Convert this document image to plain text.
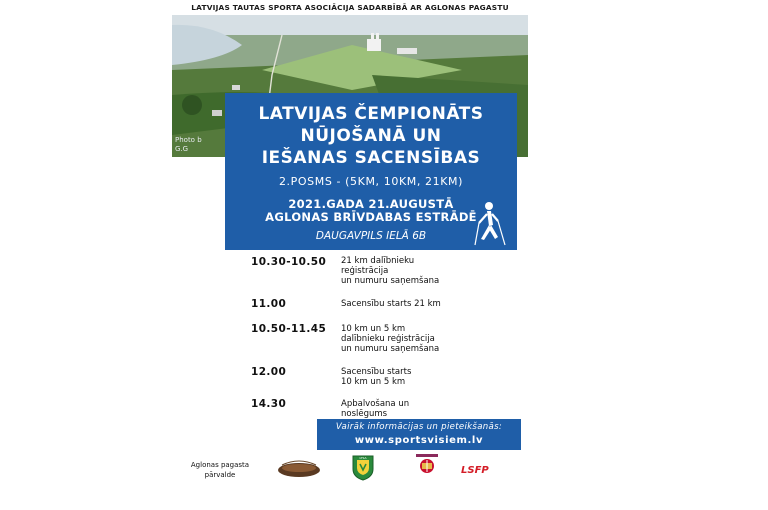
LATVIJAS TAUTAS SPORTA ASOCIĀCIJA SADARBĪBĀ AR AGLONAS PAGASTU
Photo b
G.G
LATVIJAS ČEMPIONĀTS
NŪJOŠANĀ UN
IEŠANAS SACENSĪBAS
2.POSMS - (5KM, 10KM, 21KM)
2021.GADA 21.AUGUSTĀ
AGLONAS BRĪVDABAS ESTRĀDĒ
DAUGAVPILS IELĀ 6B
10.30-10.50 21 km dalībnieku
reģistrācija
un numuru saņemšana
11.00	Sacensību starts 21 km
10.50-11.45 10 km un 5 km
dalībnieku reģistrācija
un numuru saņemšana
12.00	Sacensību starts
10 km un 5 km
14.30	Apbalvošana un
noslēgums
Vairāk informācijas un pieteikšanās:
www.sportsvisiem.lv
Aglonas pagasta
pārvalde
LTSA
LSFP
